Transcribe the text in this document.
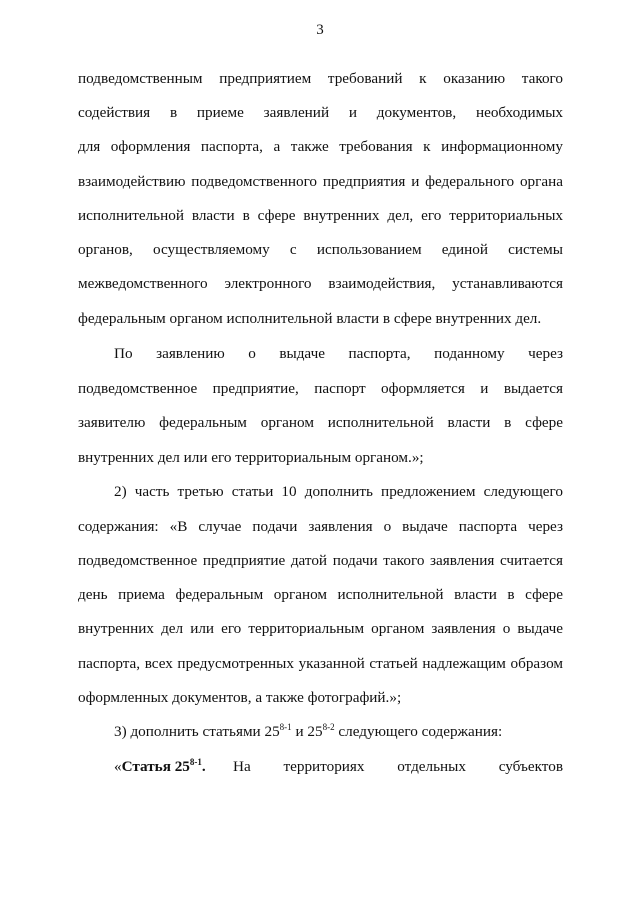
3
подведомственным предприятием требований к оказанию такого
содействия в приеме заявлений и документов, необходимых
для оформления паспорта, а также требования к информационному
взаимодействию подведомственного предприятия и федерального органа
исполнительной власти в сфере внутренних дел, его территориальных
органов, осуществляемому с использованием единой системы
межведомственного электронного взаимодействия, устанавливаются
федеральным органом исполнительной власти в сфере внутренних дел.
По заявлению о выдаче паспорта, поданному через
подведомственное предприятие, паспорт оформляется и выдается
заявителю федеральным органом исполнительной власти в сфере
внутренних дел или его территориальным органом.»;
2) часть третью статьи 10 дополнить предложением следующего
содержания: «В случае подачи заявления о выдаче паспорта через
подведомственное предприятие датой подачи такого заявления считается
день приема федеральным органом исполнительной власти в сфере
внутренних дел или его территориальным органом заявления о выдаче
паспорта, всех предусмотренных указанной статьей надлежащим образом
оформленных документов, а также фотографий.»;
3) дополнить статьями 25$^{8-1}$ и 25$^{8-2}$ следующего содержания:
«Статья 25$^{8-1}$. На территориях отдельных субъектов
